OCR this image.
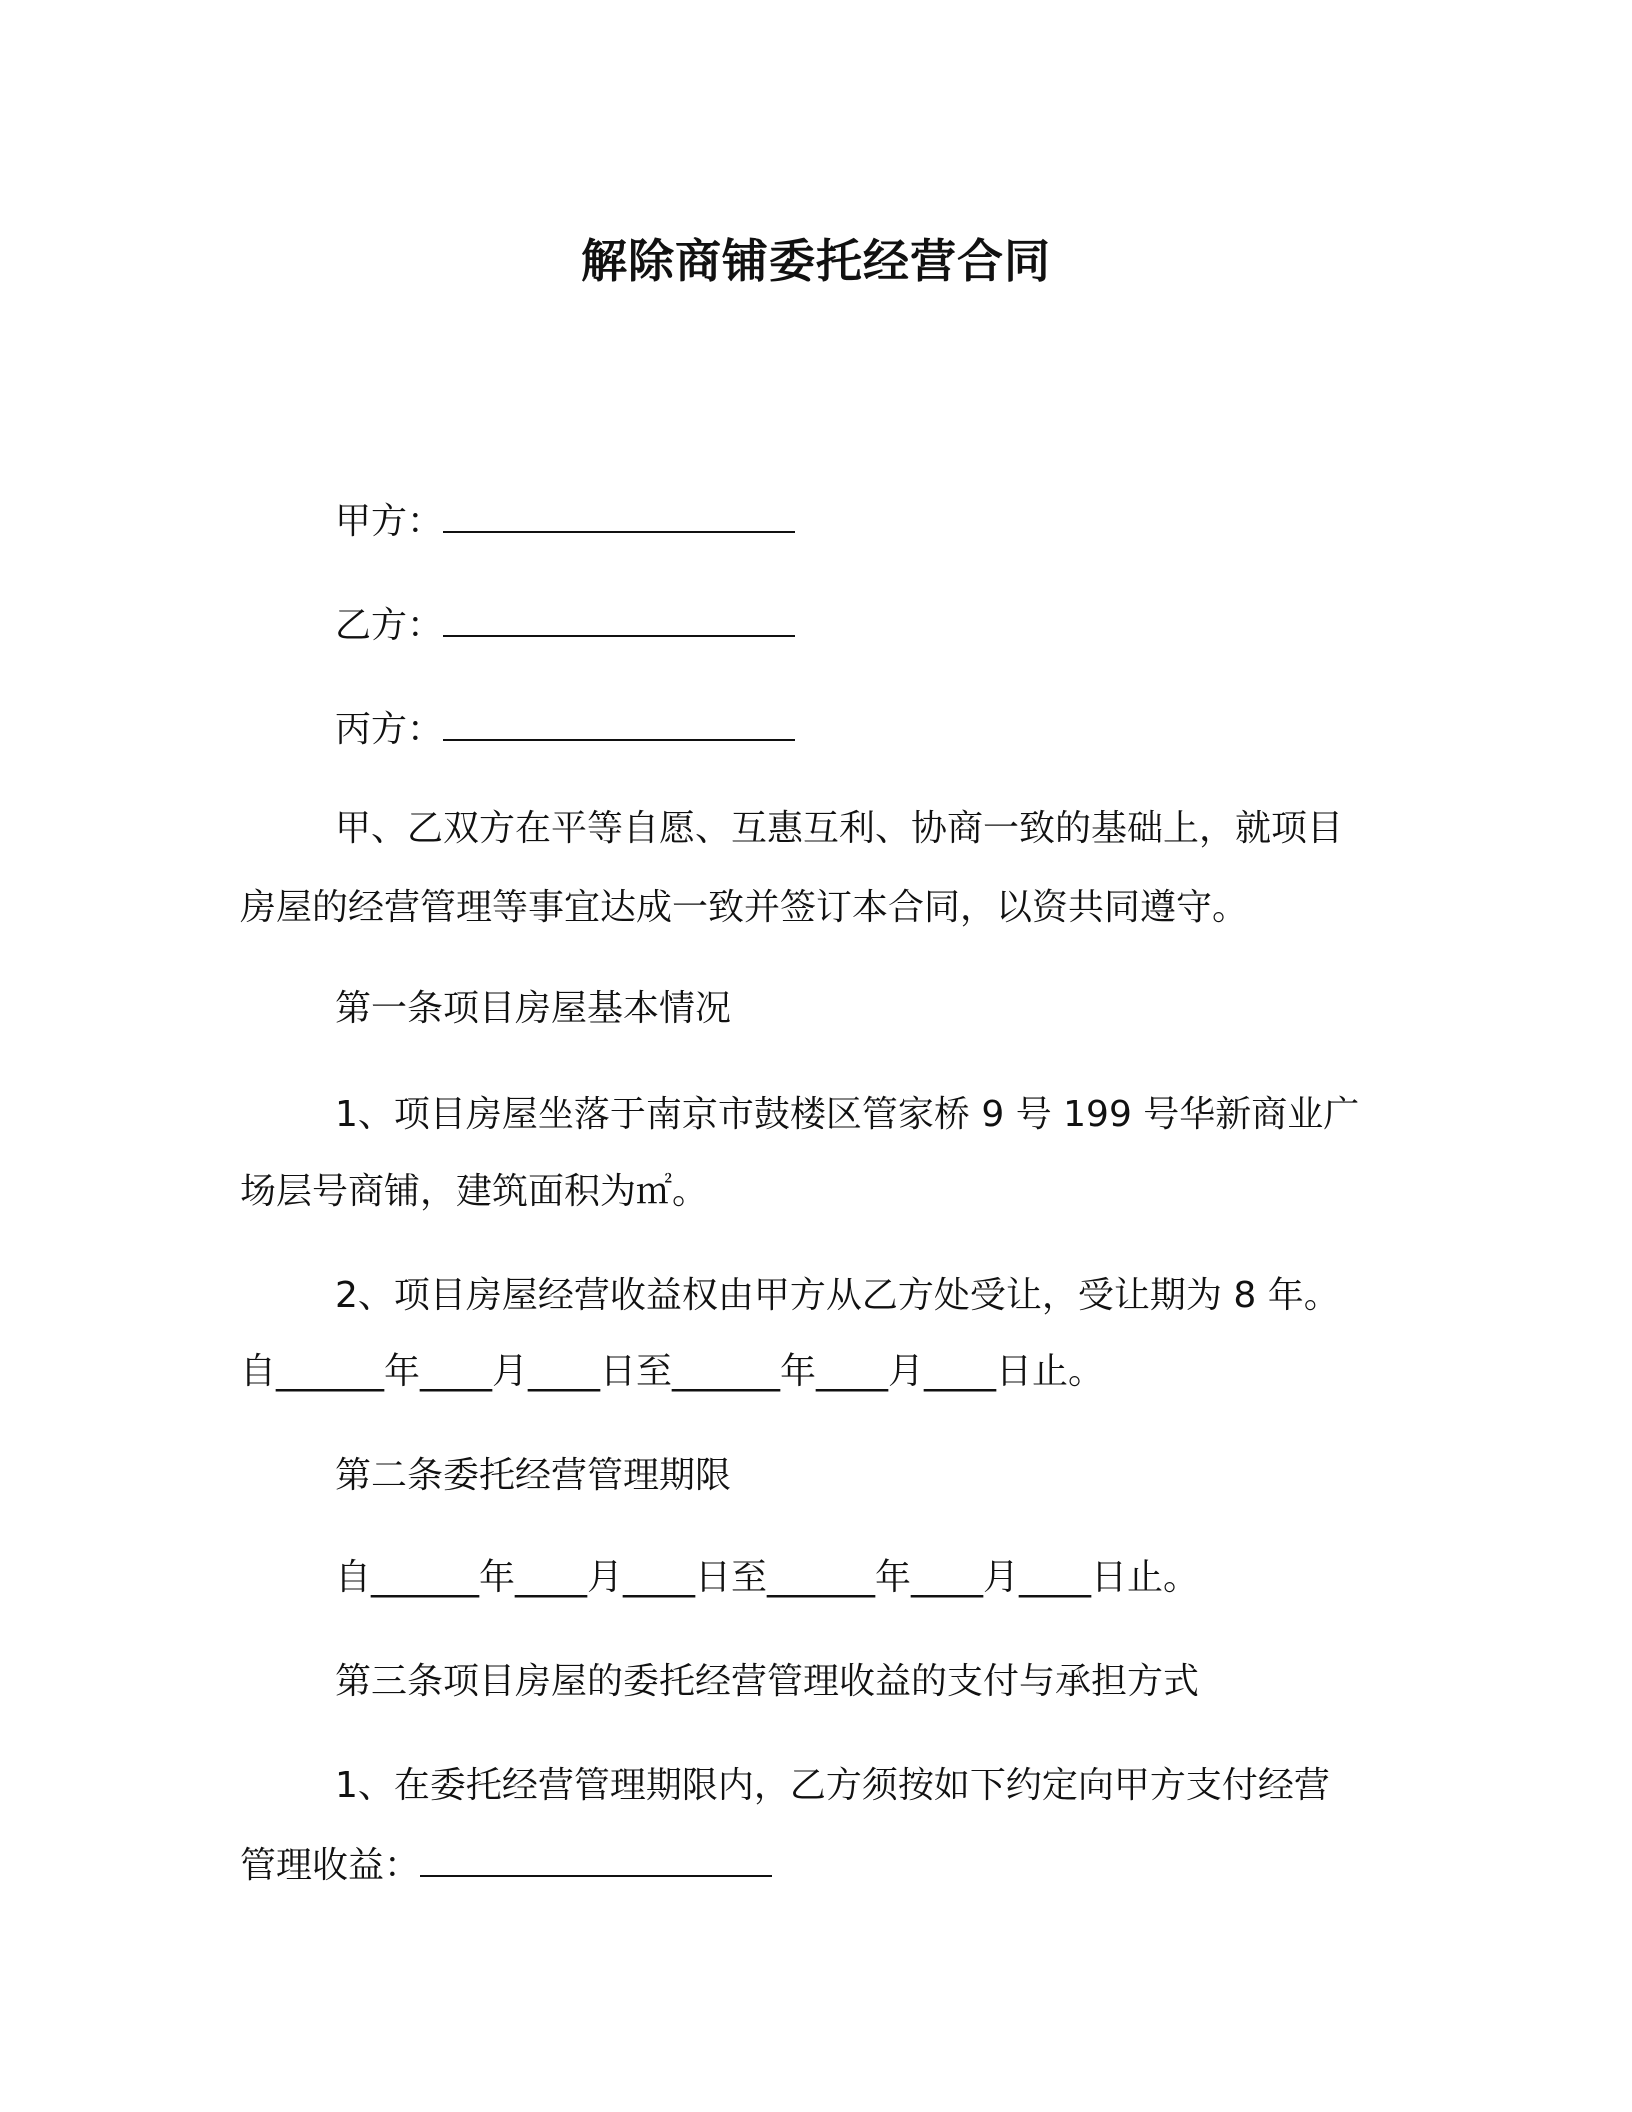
解除商铺委托经营合同
甲方：
乙方：
丙方：
甲、乙双方在平等自愿、互惠互利、协商一致的基础上，就项目
房屋的经营管理等事宜达成一致并签订本合同，以资共同遵守。
第一条项目房屋基本情况
1、项目房屋坐落于南京市鼓楼区管家桥 9 号 199 号华新商业广
场层号商铺，建筑面积为㎡。
2、项目房屋经营收益权由甲方从乙方处受让，受让期为 8 年。
自______年____月____日至______年____月____日止。
第二条委托经营管理期限
自______年____月____日至______年____月____日止。
第三条项目房屋的委托经营管理收益的支付与承担方式
1、在委托经营管理期限内，乙方须按如下约定向甲方支付经营
管理收益：
